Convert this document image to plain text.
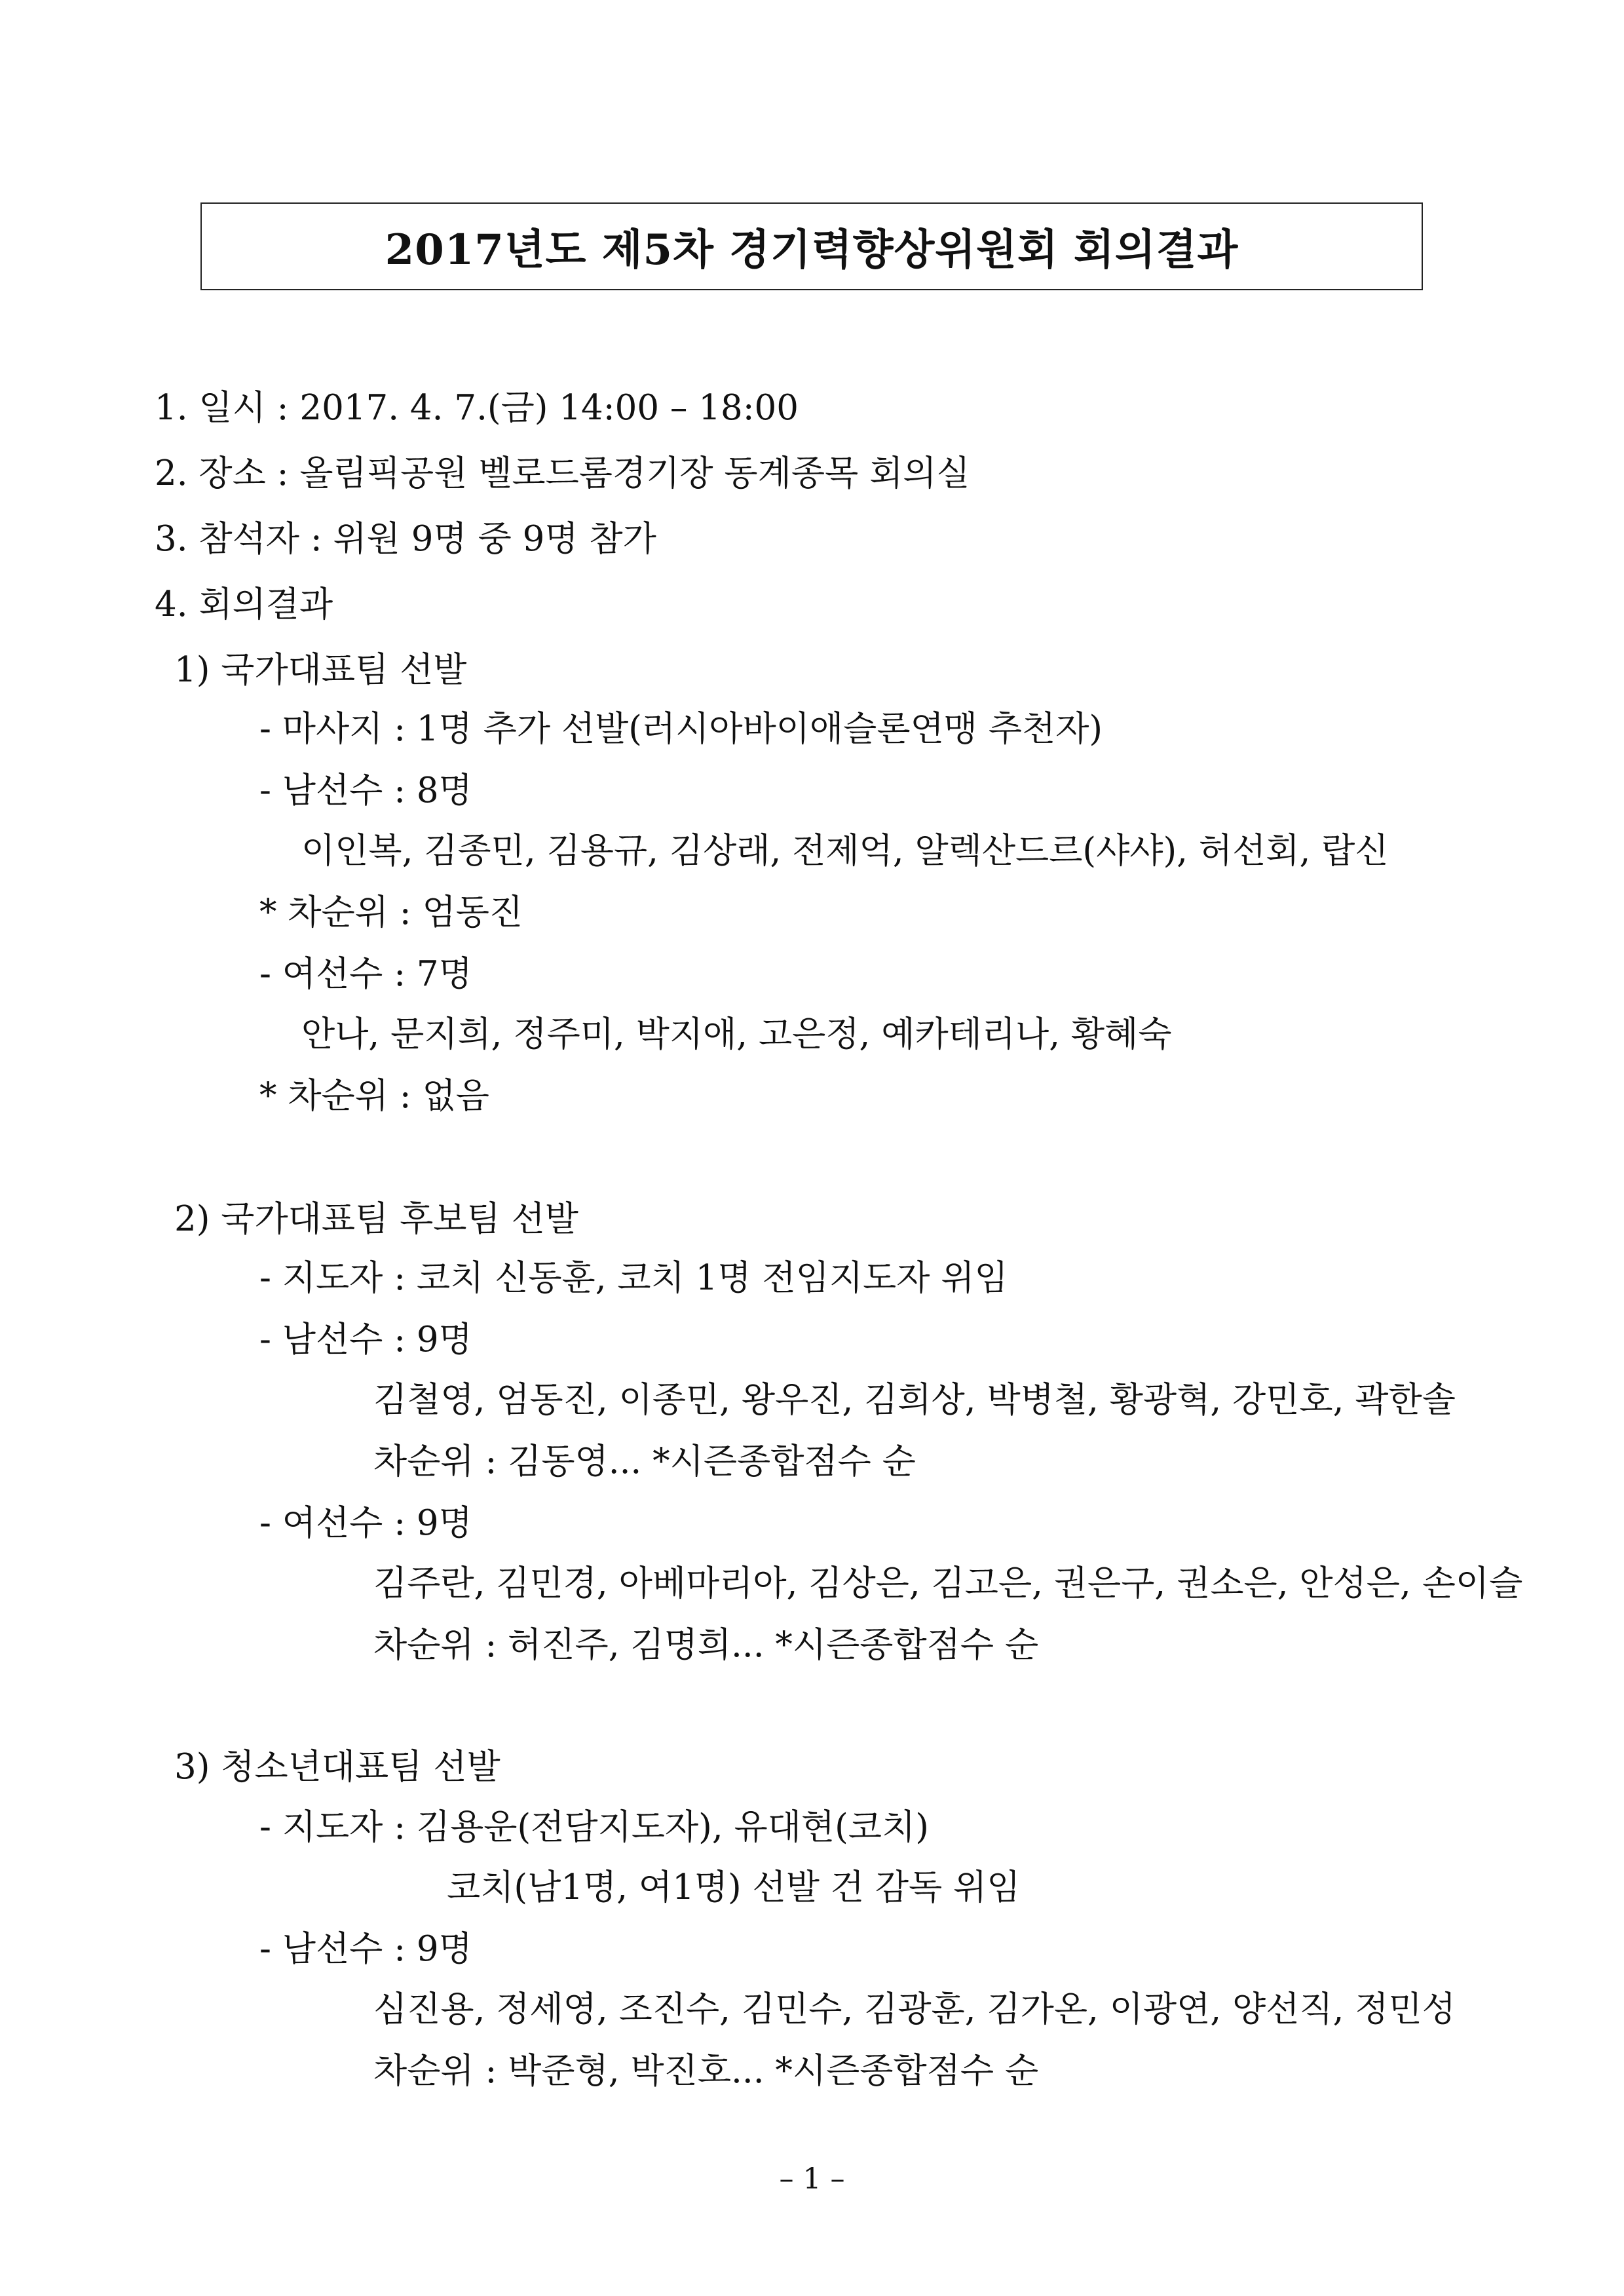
2017년도 제5차 경기력향상위원회 회의결과
1. 일시 : 2017. 4. 7.(금) 14:00 – 18:00
2. 장소 : 올림픽공원 벨로드롬경기장 동계종목 회의실
3. 참석자 : 위원 9명 중 9명 참가
4. 회의결과
1) 국가대표팀 선발
- 마사지 : 1명 추가 선발(러시아바이애슬론연맹 추천자)
- 남선수 : 8명
이인복, 김종민, 김용규, 김상래, 전제억, 알렉산드르(샤샤), 허선회, 랍신
* 차순위 : 엄동진
- 여선수 : 7명
안나, 문지희, 정주미, 박지애, 고은정, 예카테리나, 황혜숙
* 차순위 : 없음
2) 국가대표팀 후보팀 선발
- 지도자 : 코치 신동훈, 코치 1명 전임지도자 위임
- 남선수 : 9명
김철영, 엄동진, 이종민, 왕우진, 김희상, 박병철, 황광혁, 강민호, 곽한솔
차순위 : 김동영... *시즌종합점수 순
- 여선수 : 9명
김주란, 김민경, 아베마리아, 김상은, 김고은, 권은구, 권소은, 안성은, 손이슬
차순위 : 허진주, 김명희... *시즌종합점수 순
3) 청소년대표팀 선발
- 지도자 : 김용운(전담지도자), 유대현(코치)
코치(남1명, 여1명) 선발 건 감독 위임
- 남선수 : 9명
심진용, 정세영, 조진수, 김민수, 김광훈, 김가온, 이광연, 양선직, 정민성
차순위 : 박준형, 박진호... *시즌종합점수 순
– 1 –
